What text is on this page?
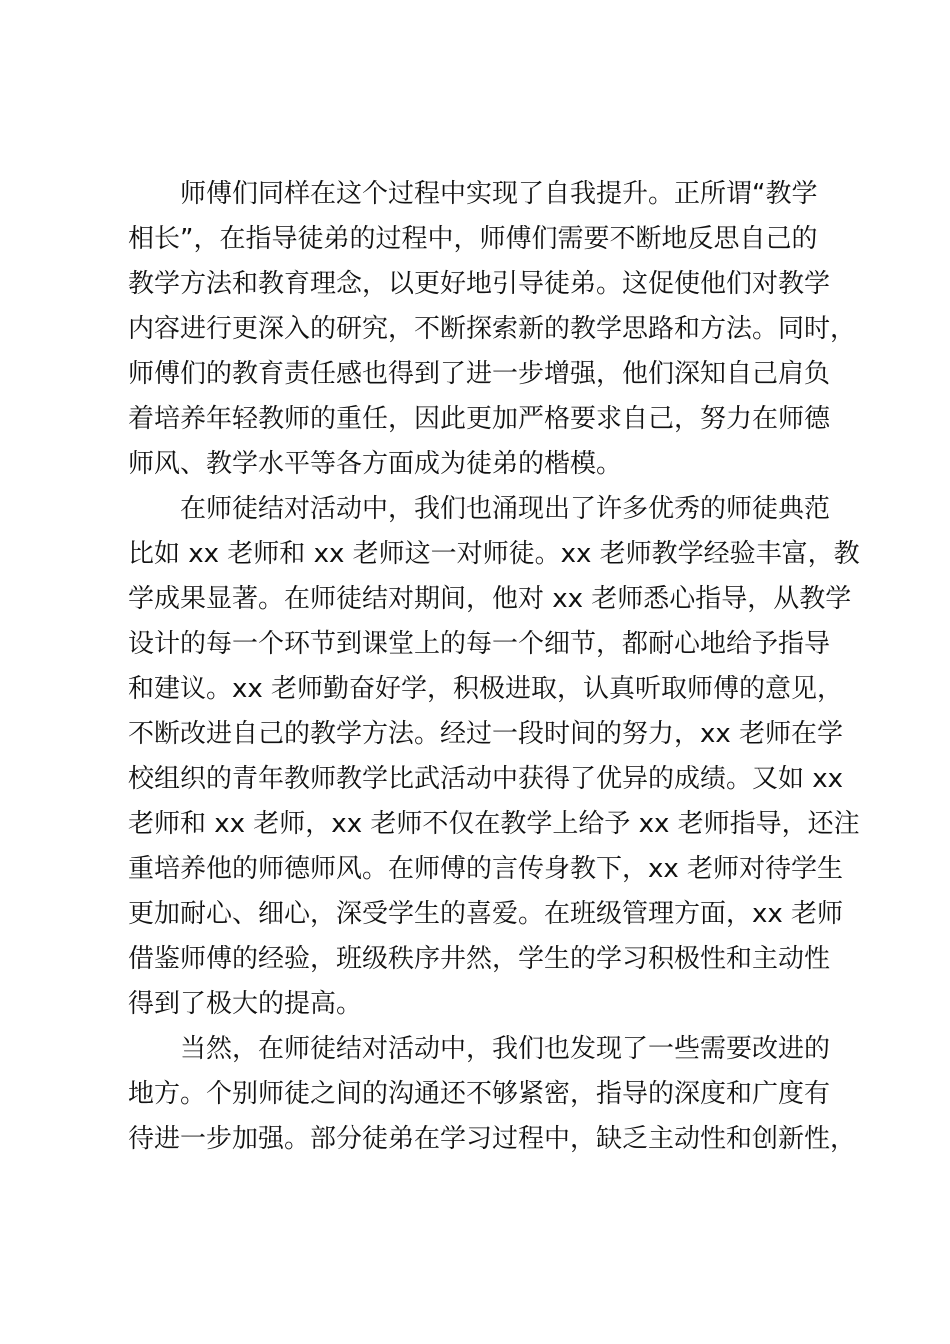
师傅们同样在这个过程中实现了自我提升。正所谓“教学
相长”，在指导徒弟的过程中，师傅们需要不断地反思自己的
教学方法和教育理念，以更好地引导徒弟。这促使他们对教学
内容进行更深入的研究，不断探索新的教学思路和方法。同时，
师傅们的教育责任感也得到了进一步增强，他们深知自己肩负
着培养年轻教师的重任，因此更加严格要求自己，努力在师德
师风、教学水平等各方面成为徒弟的楷模。
在师徒结对活动中，我们也涌现出了许多优秀的师徒典范
比如 xx 老师和 xx 老师这一对师徒。xx 老师教学经验丰富，教
学成果显著。在师徒结对期间，他对 xx 老师悉心指导，从教学
设计的每一个环节到课堂上的每一个细节，都耐心地给予指导
和建议。xx 老师勤奋好学，积极进取，认真听取师傅的意见，
不断改进自己的教学方法。经过一段时间的努力，xx 老师在学
校组织的青年教师教学比武活动中获得了优异的成绩。又如 xx
老师和 xx 老师，xx 老师不仅在教学上给予 xx 老师指导，还注
重培养他的师德师风。在师傅的言传身教下，xx 老师对待学生
更加耐心、细心，深受学生的喜爱。在班级管理方面，xx 老师
借鉴师傅的经验，班级秩序井然，学生的学习积极性和主动性
得到了极大的提高。
当然，在师徒结对活动中，我们也发现了一些需要改进的
地方。个别师徒之间的沟通还不够紧密，指导的深度和广度有
待进一步加强。部分徒弟在学习过程中，缺乏主动性和创新性，
